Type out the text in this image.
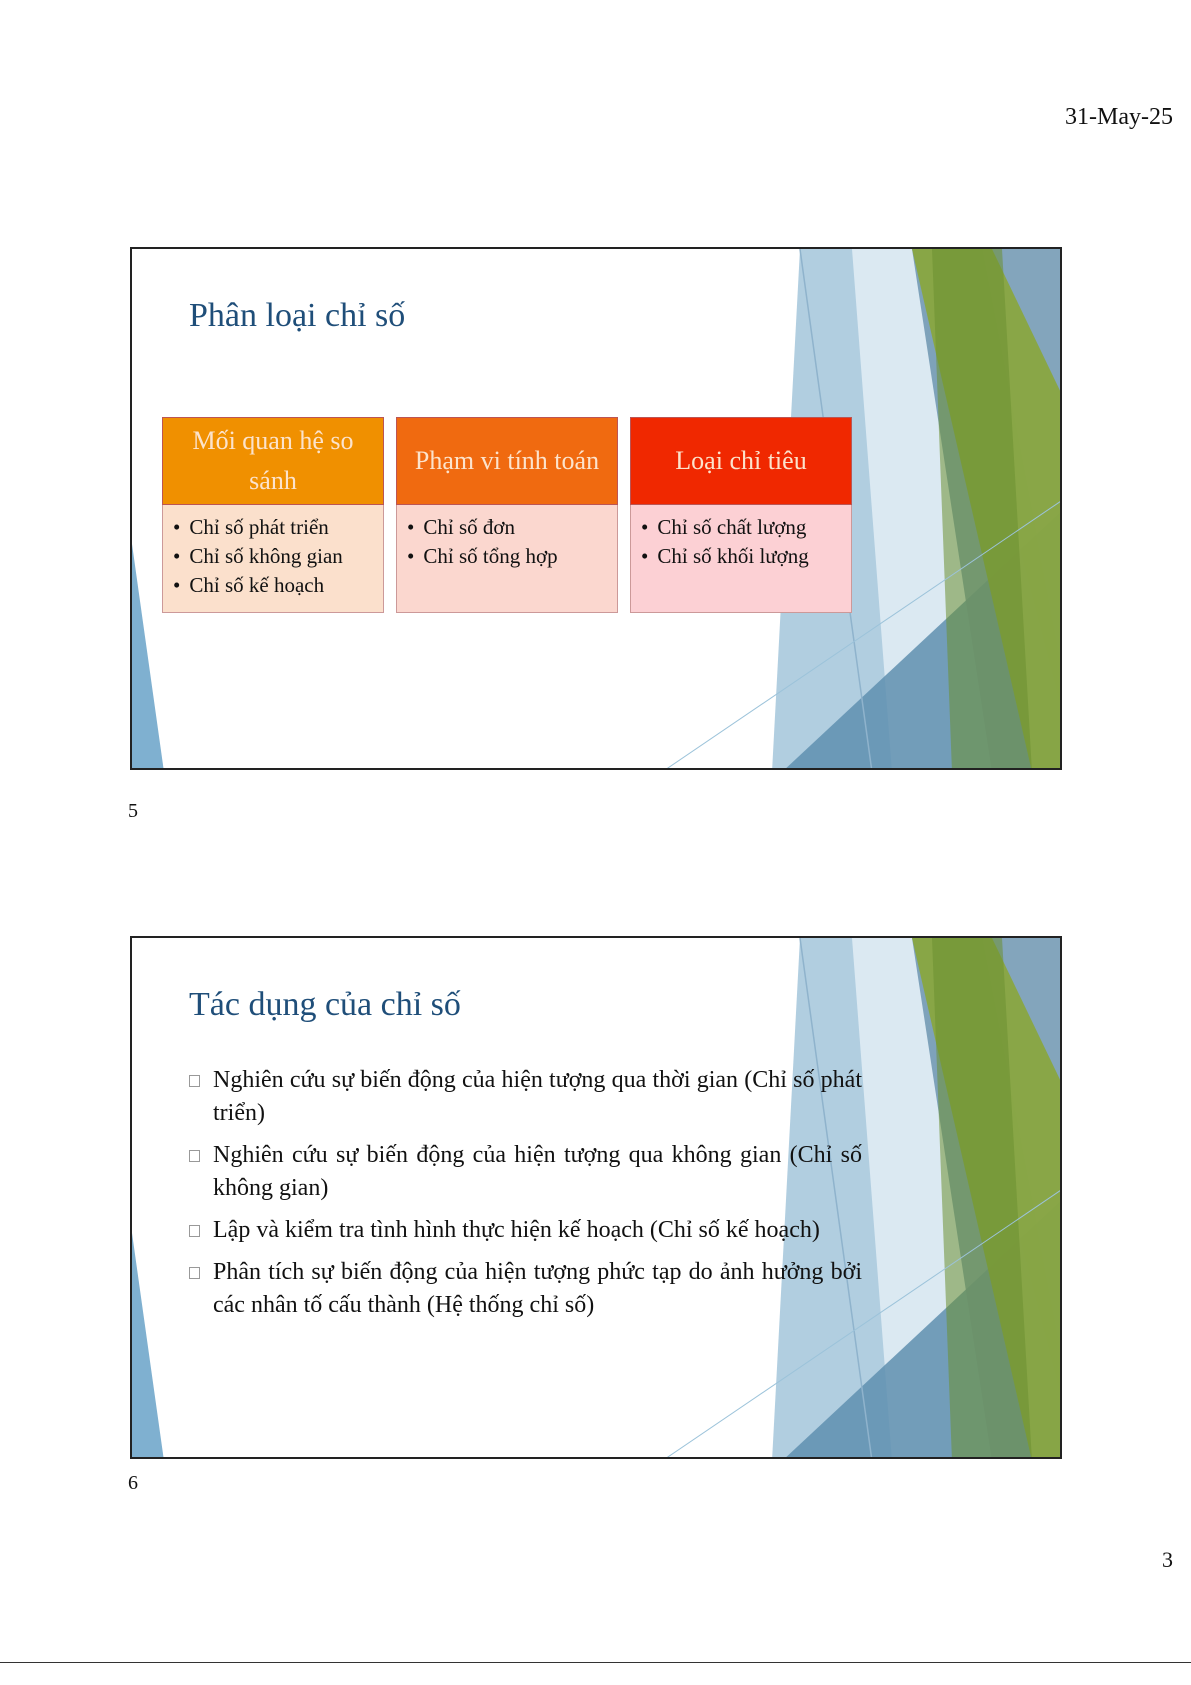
31-May-25
Phân loại chỉ số
Mối quan hệ so sánh
• Chỉ số phát triển
• Chỉ số không gian
• Chỉ số kế hoạch
Phạm vi tính toán
• Chỉ số đơn
• Chỉ số tổng hợp
Loại chỉ tiêu
• Chỉ số chất lượng
• Chỉ số khối lượng
5
Tác dụng của chỉ số
Nghiên cứu sự biến động của hiện tượng qua thời gian (Chỉ số phát triển)
Nghiên cứu sự biến động của hiện tượng qua không gian (Chỉ số không gian)
Lập và kiểm tra tình hình thực hiện kế hoạch (Chỉ số kế hoạch)
Phân tích sự biến động của hiện tượng phức tạp do ảnh hưởng bởi các nhân tố cấu thành (Hệ thống chỉ số)
6
3
